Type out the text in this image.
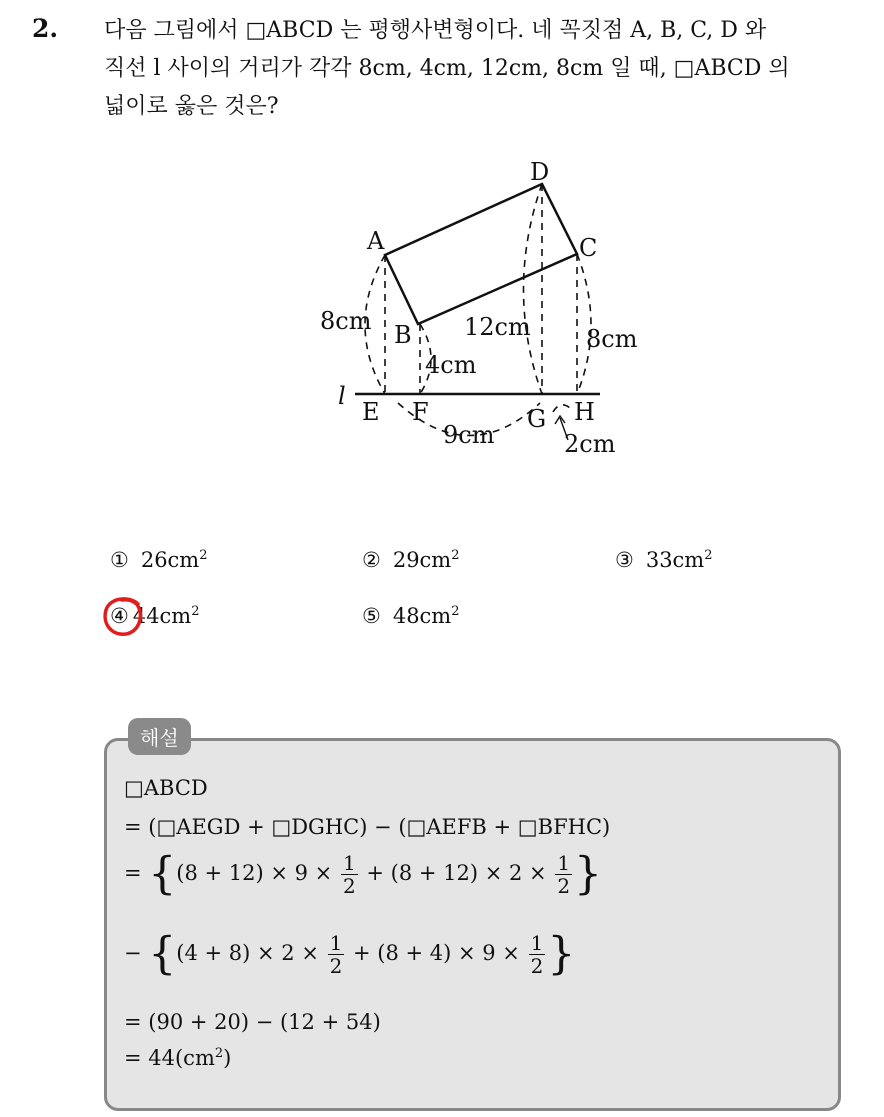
2. 다음 그림에서 □ABCD 는 평행사변형이다. 네 꼭짓점 A, B, C, D 와
직선 l 사이의 거리가 각각 8cm, 4cm, 12cm, 8cm 일 때, □ABCD 의
넓이로 옳은 것은?
A
B
C
D
E F	G H
l
8cm
4cm
12cm 8cm
9cm	2cm
① $26cm^2$	② $29cm^2$	③ $33cm^2$
④ $44cm^2$	⑤ $48cm^2$
해설
□ABCD
= (□AEGD + □DGHC) − (□AEFB + □BFHC)
= {$(8 + 12) \times 9 \times \frac{1}{2} + (8 + 12) \times 2 \times \frac{1}{2}$ }
− {$(4 + 8) \times 2 \times \frac{1}{2} + (8 + 4) \times 9 \times \frac{1}{2}$ }
= (90 + 20) − (12 + 54)
= $44(cm^2)$
